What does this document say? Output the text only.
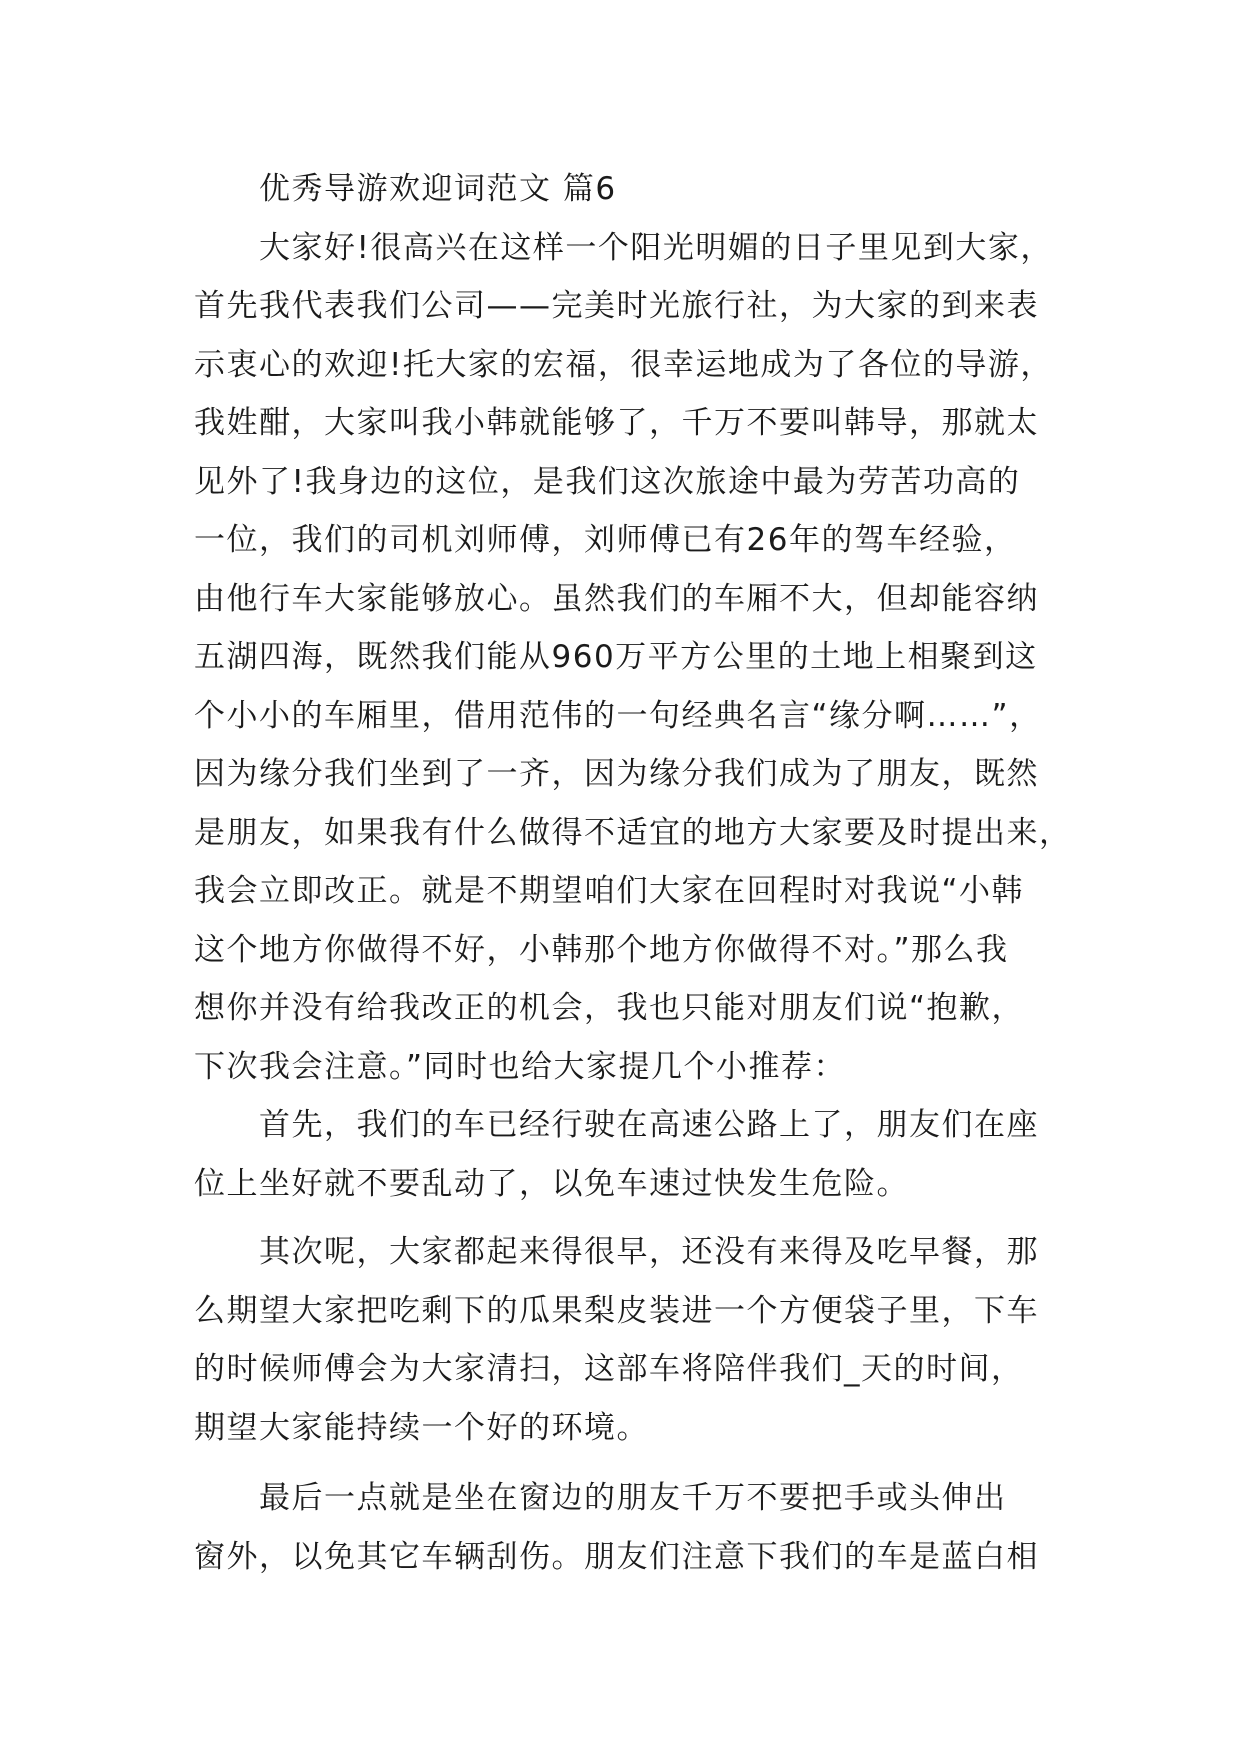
　　优秀导游欢迎词范文 篇6
　　大家好!很高兴在这样一个阳光明媚的日子里见到大家，
首先我代表我们公司——完美时光旅行社，为大家的到来表
示衷心的欢迎!托大家的宏福，很幸运地成为了各位的导游，
我姓酣，大家叫我小韩就能够了，千万不要叫韩导，那就太
见外了!我身边的这位，是我们这次旅途中最为劳苦功高的
一位，我们的司机刘师傅，刘师傅已有26年的驾车经验，
由他行车大家能够放心。虽然我们的车厢不大，但却能容纳
五湖四海，既然我们能从960万平方公里的土地上相聚到这
个小小的车厢里，借用范伟的一句经典名言“缘分啊……”，
因为缘分我们坐到了一齐，因为缘分我们成为了朋友，既然
是朋友，如果我有什么做得不适宜的地方大家要及时提出来，
我会立即改正。就是不期望咱们大家在回程时对我说“小韩
这个地方你做得不好，小韩那个地方你做得不对。”那么我
想你并没有给我改正的机会，我也只能对朋友们说“抱歉，
下次我会注意。”同时也给大家提几个小推荐：
　　首先，我们的车已经行驶在高速公路上了，朋友们在座
位上坐好就不要乱动了，以免车速过快发生危险。
　　其次呢，大家都起来得很早，还没有来得及吃早餐，那
么期望大家把吃剩下的瓜果梨皮装进一个方便袋子里，下车
的时候师傅会为大家清扫，这部车将陪伴我们_天的时间，
期望大家能持续一个好的环境。
　　最后一点就是坐在窗边的朋友千万不要把手或头伸出
窗外，以免其它车辆刮伤。朋友们注意下我们的车是蓝白相
